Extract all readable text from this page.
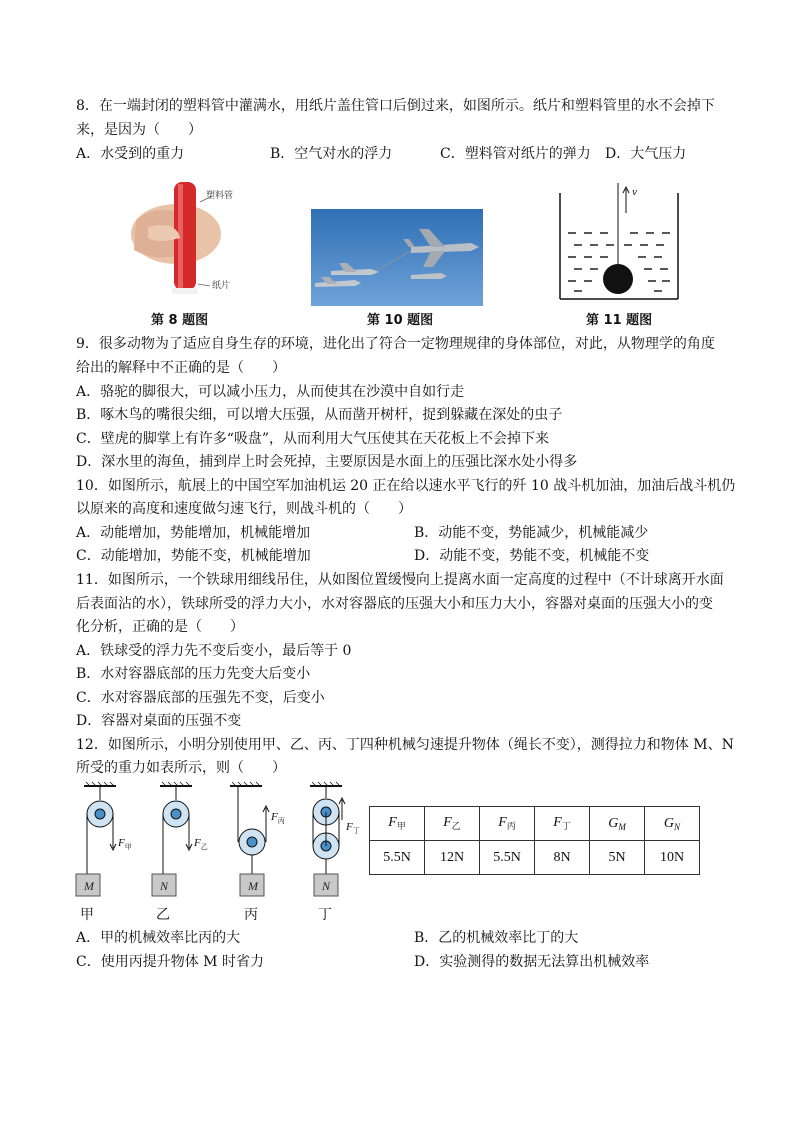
8．在一端封闭的塑料管中灌满水，用纸片盖住管口后倒过来，如图所示。纸片和塑料管里的水不会掉下
来，是因为（　　）
A．水受到的重力	B．空气对水的浮力	C．塑料管对纸片的弹力 D．大气压力
塑料管
纸片
v
第 8 题图	第 10 题图	第 11 题图
9．很多动物为了适应自身生存的环境，进化出了符合一定物理规律的身体部位，对此，从物理学的角度
给出的解释中不正确的是（　　）
A．骆驼的脚很大，可以减小压力，从而使其在沙漠中自如行走
B．啄木鸟的嘴很尖细，可以增大压强，从而凿开树杆，捉到躲藏在深处的虫子
C．壁虎的脚掌上有许多“吸盘”，从而利用大气压使其在天花板上不会掉下来
D．深水里的海鱼，捕到岸上时会死掉，主要原因是水面上的压强比深水处小得多
10．如图所示，航展上的中国空军加油机运 20 正在给以速水平飞行的歼 10 战斗机加油，加油后战斗机仍
以原来的高度和速度做匀速飞行，则战斗机的（　　）
A．动能增加，势能增加，机械能增加	B．动能不变，势能减少，机械能减少
C．动能增加，势能不变，机械能增加	D．动能不变，势能不变，机械能不变
11．如图所示，一个铁球用细线吊住，从如图位置缓慢向上提离水面一定高度的过程中（不计球离开水面
后表面沾的水），铁球所受的浮力大小，水对容器底的压强大小和压力大小，容器对桌面的压强大小的变
化分析，正确的是（　　）
A．铁球受的浮力先不变后变小，最后等于 0
B．水对容器底部的压力先变大后变小
C．水对容器底部的压强先不变，后变小
D．容器对桌面的压强不变
12．如图所示，小明分别使用甲、乙、丙、丁四种机械匀速提升物体（绳长不变），测得拉力和物体 M、N
所受的重力如表所示，则（　　）
M	N	M	N
$F_甲$	$F_乙$
$F_丙$	$F_丁$
甲	乙	丙	丁
$F_甲$	$F_乙$	$F_丙$	$F_丁$	$G_M$	$G_N$
5.5N	12N	5.5N	8N	5N	10N
A．甲的机械效率比丙的大	B．乙的机械效率比丁的大
C．使用丙提升物体 M 时省力	D．实验测得的数据无法算出机械效率
